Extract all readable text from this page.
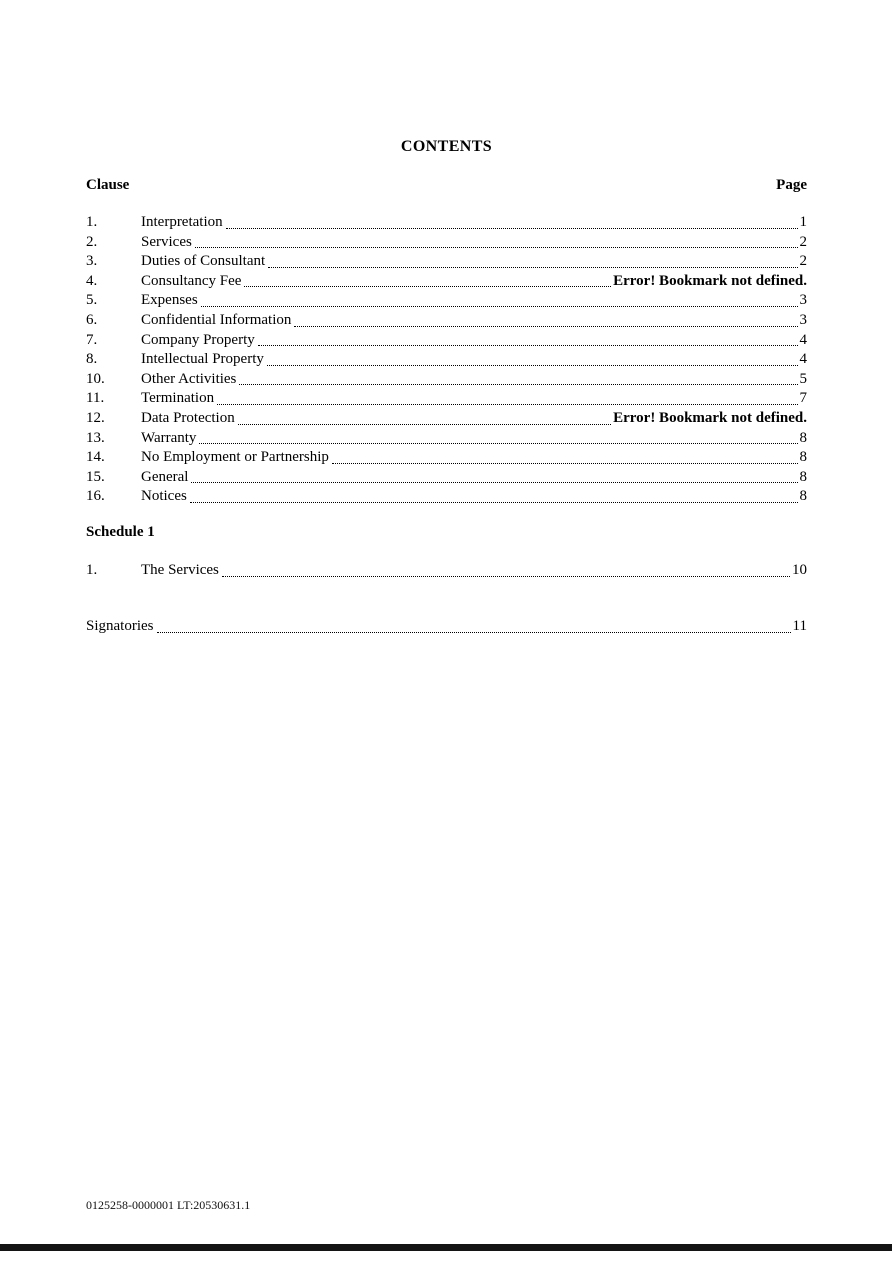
CONTENTS
Clause	Page
1.	Interpretation	1
2.	Services	2
3.	Duties of Consultant	2
4.	Consultancy Fee	Error! Bookmark not defined.
5.	Expenses	3
6.	Confidential Information	3
7.	Company Property	4
8.	Intellectual Property	4
10.	Other Activities	5
11.	Termination	7
12.	Data Protection	Error! Bookmark not defined.
13.	Warranty	8
14.	No Employment or Partnership	8
15.	General	8
16.	Notices	8
Schedule 1
1.	The Services	10
Signatories	11
0125258-0000001 LT:20530631.1
